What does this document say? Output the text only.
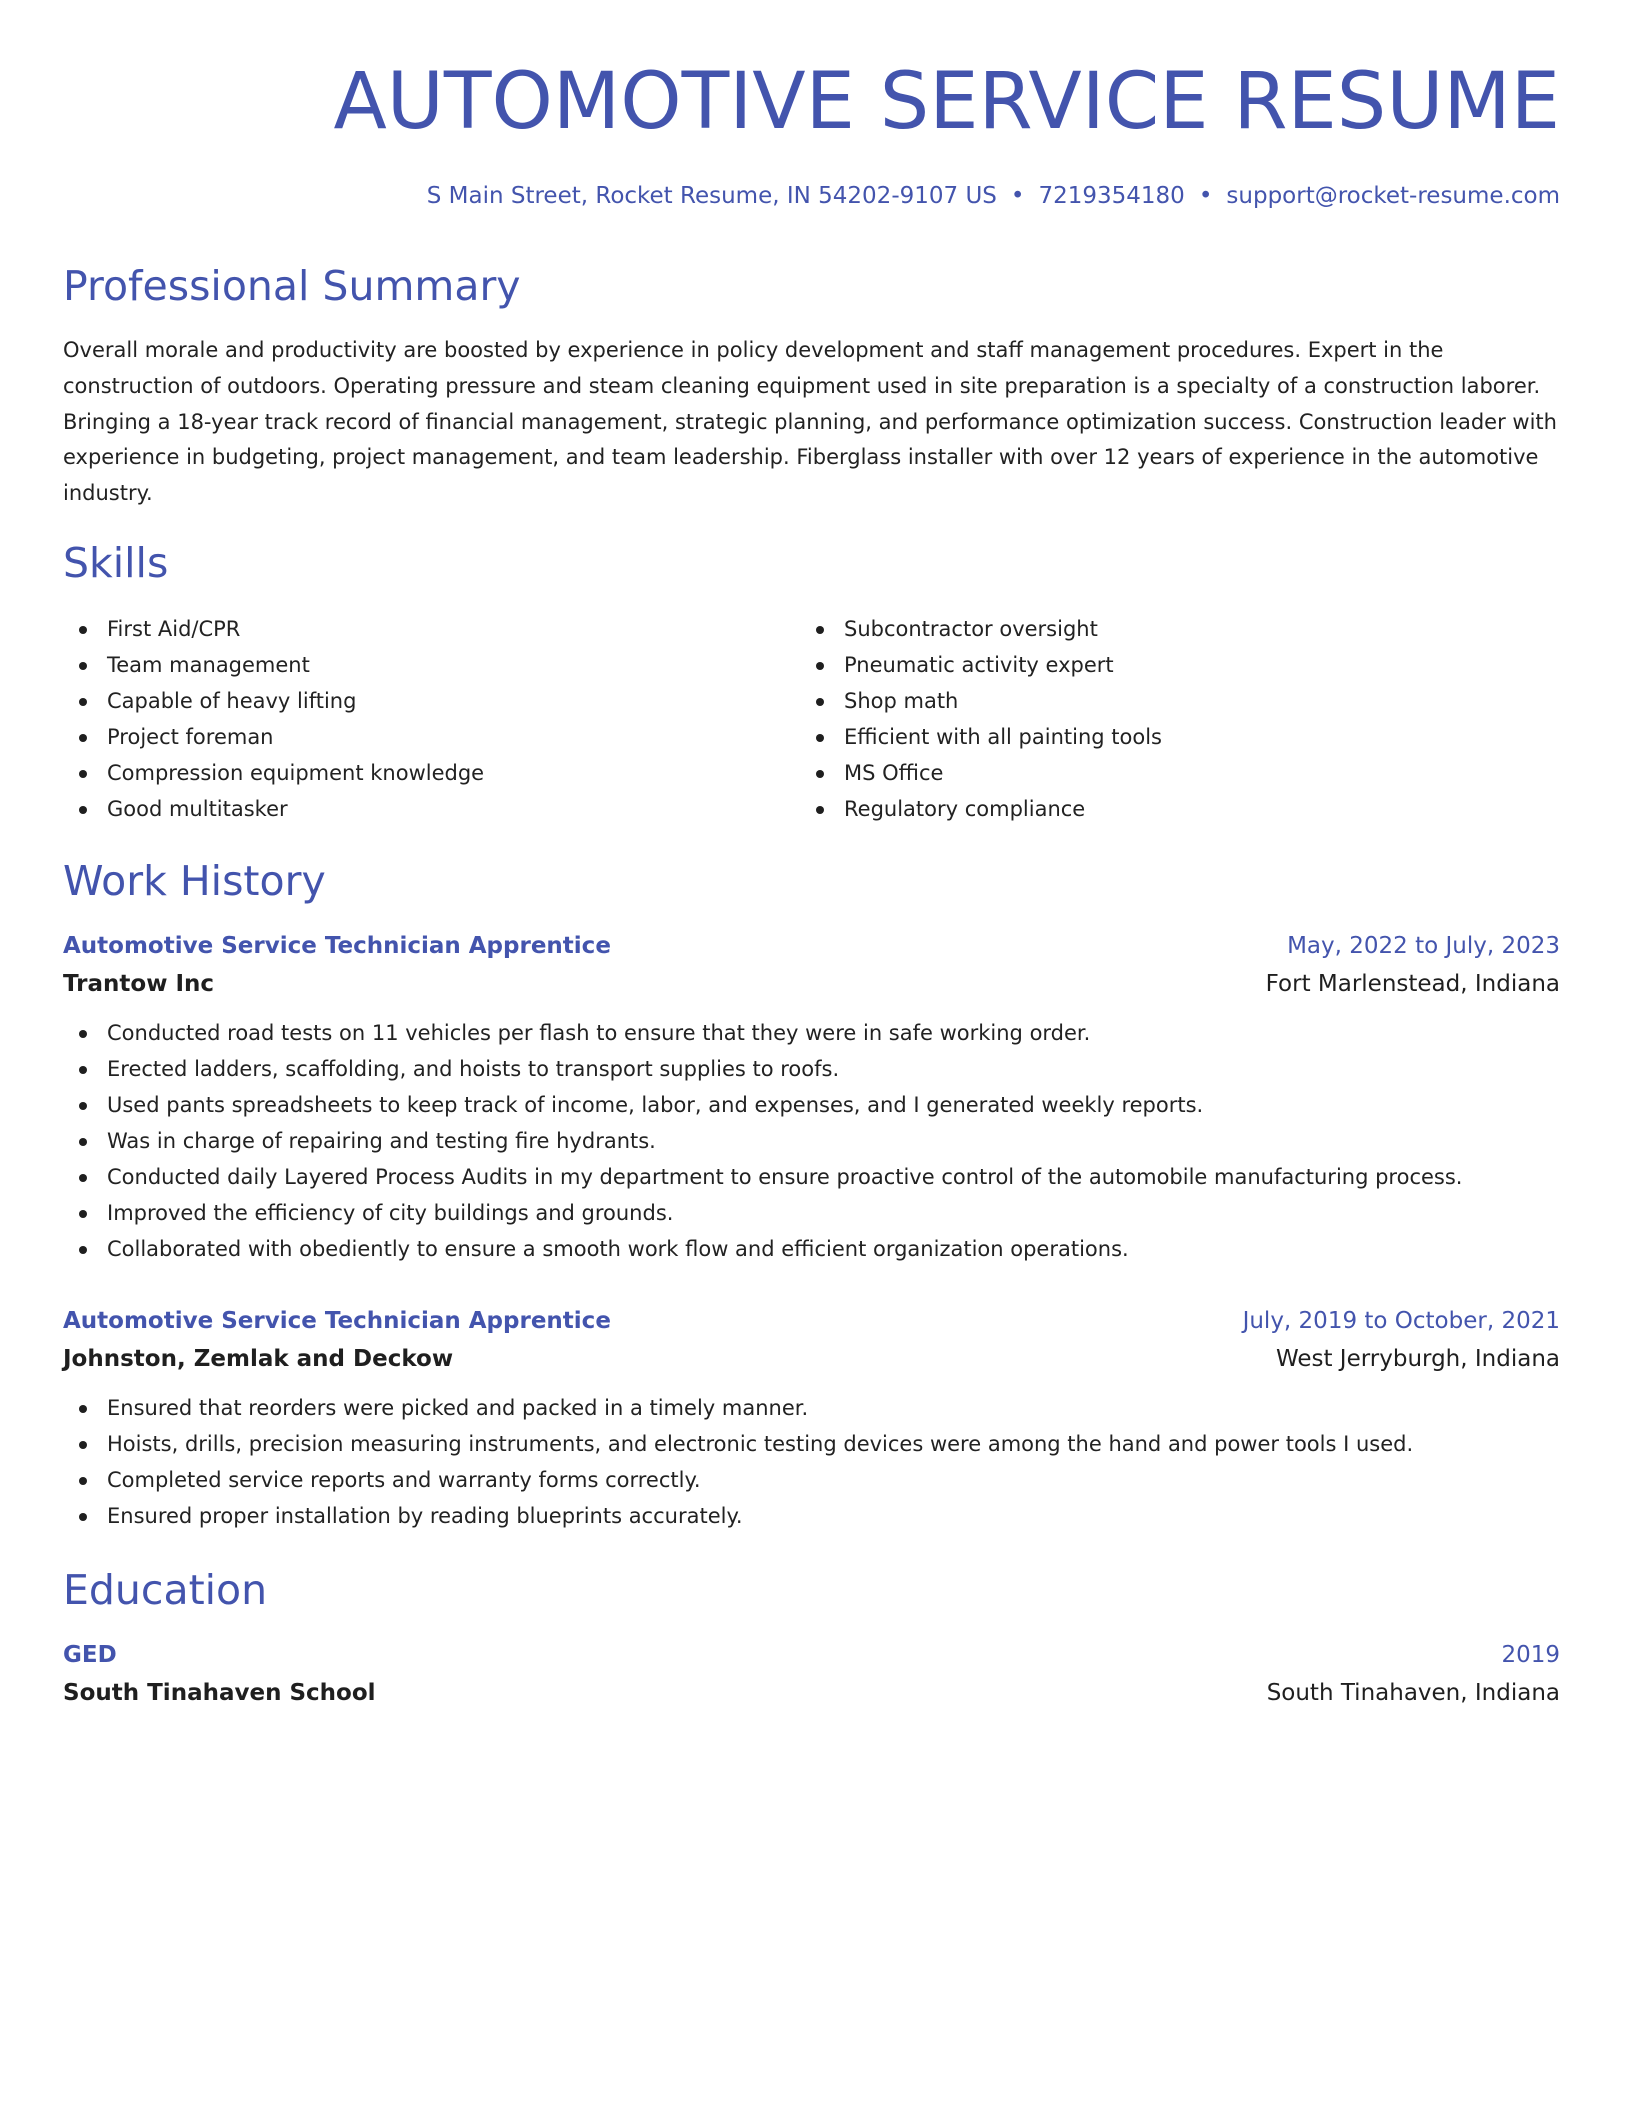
AUTOMOTIVE SERVICE RESUME
S Main Street, Rocket Resume, IN 54202-9107 US • 7219354180 • support@rocket-resume.com
Professional Summary

Overall morale and productivity are boosted by experience in policy development and staff management procedures. Expert in the construction of outdoors. Operating pressure and steam cleaning equipment used in site preparation is a specialty of a construction laborer. Bringing a 18-year track record of financial management, strategic planning, and performance optimization success. Construction leader with experience in budgeting, project management, and team leadership. Fiberglass installer with over 12 years of experience in the automotive industry.

Skills
First Aid/CPR
Team management
Capable of heavy lifting
Project foreman
Compression equipment knowledge
Good multitasker
Subcontractor oversight
Pneumatic activity expert
Shop math
Efficient with all painting tools
MS Office
Regulatory compliance
Work History
Automotive Service Technician Apprentice	May, 2022 to July, 2023
Trantow Inc	Fort Marlenstead, Indiana
Conducted road tests on 11 vehicles per flash to ensure that they were in safe working order.
Erected ladders, scaffolding, and hoists to transport supplies to roofs.
Used pants spreadsheets to keep track of income, labor, and expenses, and I generated weekly reports.
Was in charge of repairing and testing fire hydrants.
Conducted daily Layered Process Audits in my department to ensure proactive control of the automobile manufacturing process.
Improved the efficiency of city buildings and grounds.
Collaborated with obediently to ensure a smooth work flow and efficient organization operations.
Automotive Service Technician Apprentice	July, 2019 to October, 2021
Johnston, Zemlak and Deckow	West Jerryburgh, Indiana
Ensured that reorders were picked and packed in a timely manner.
Hoists, drills, precision measuring instruments, and electronic testing devices were among the hand and power tools I used.
Completed service reports and warranty forms correctly.
Ensured proper installation by reading blueprints accurately.
Education
GED	2019
South Tinahaven School	South Tinahaven, Indiana
